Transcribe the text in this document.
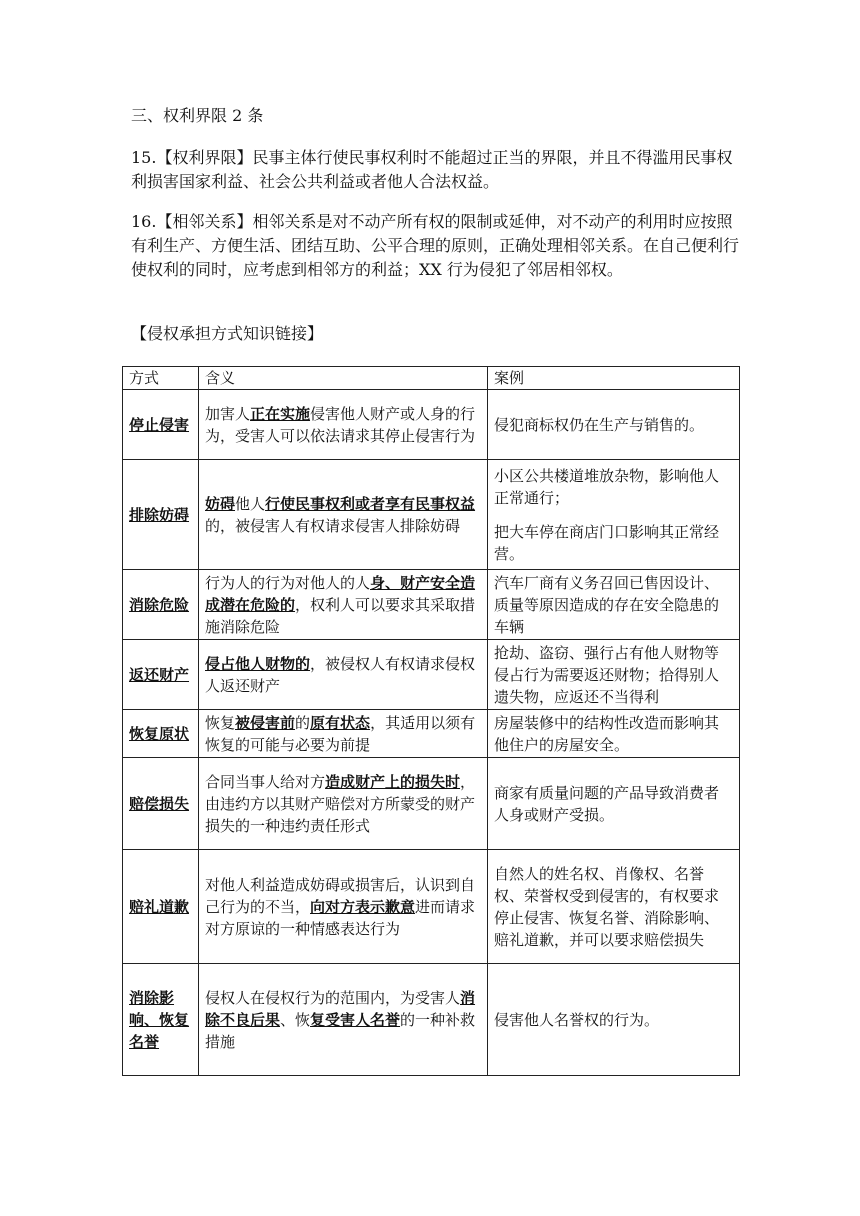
三、权利界限 2 条

15.【权利界限】民事主体行使民事权利时不能超过正当的界限，并且不得滥用民事权利损害国家利益、社会公共利益或者他人合法权益。

16.【相邻关系】相邻关系是对不动产所有权的限制或延伸，对不动产的利用时应按照有利生产、方便生活、团结互助、公平合理的原则，正确处理相邻关系。在自己便利行使权利的同时，应考虑到相邻方的利益；XX 行为侵犯了邻居相邻权。

【侵权承担方式知识链接】
方式	含义	案例
停止侵害	加害人正在实施侵害他人财产或人身的行为，受害人可以依法请求其停止侵害行为	侵犯商标权仍在生产与销售的。
排除妨碍	妨碍他人行使民事权利或者享有民事权益的，被侵害人有权请求侵害人排除妨碍	小区公共楼道堆放杂物，影响他人正常通行；
把大车停在商店门口影响其正常经营。
消除危险	行为人的行为对他人的人身、财产安全造成潜在危险的，权利人可以要求其采取措施消除危险	汽车厂商有义务召回已售因设计、质量等原因造成的存在安全隐患的车辆
返还财产	侵占他人财物的，被侵权人有权请求侵权人返还财产	抢劫、盗窃、强行占有他人财物等侵占行为需要返还财物；拾得别人遗失物，应返还不当得利
恢复原状	恢复被侵害前的原有状态，其适用以须有恢复的可能与必要为前提	房屋装修中的结构性改造而影响其他住户的房屋安全。
赔偿损失	合同当事人给对方造成财产上的损失时，由违约方以其财产赔偿对方所蒙受的财产损失的一种违约责任形式	商家有质量问题的产品导致消费者人身或财产受损。
赔礼道歉	对他人利益造成妨碍或损害后，认识到自己行为的不当，向对方表示歉意进而请求对方原谅的一种情感表达行为	自然人的姓名权、肖像权、名誉权、荣誉权受到侵害的，有权要求停止侵害、恢复名誉、消除影响、赔礼道歉，并可以要求赔偿损失
消除影响、恢复名誉	侵权人在侵权行为的范围内，为受害人消除不良后果、恢复受害人名誉的一种补救措施	侵害他人名誉权的行为。
